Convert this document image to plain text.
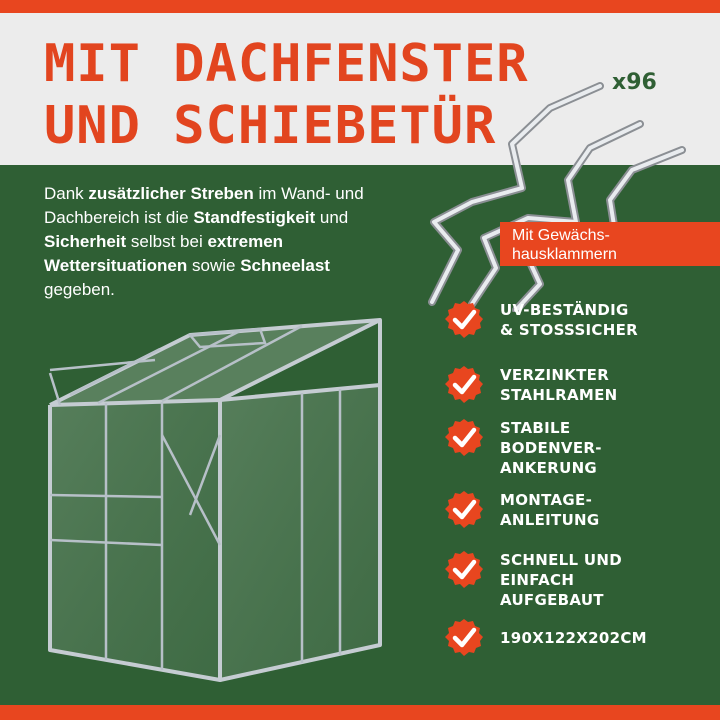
MIT DACHFENSTER
UND SCHIEBETÜR
x96
Mit Gewächs-
hausklammern

Dank zusätzlicher Streben im Wand- und Dachbereich ist die Standfestigkeit und Sicherheit selbst bei extremen Wettersituationen sowie Schneelast gegeben.

UV-BESTÄNDIG
& STOSSSICHER
VERZINKTER
STAHLRAMEN
STABILE
BODENVER-
ANKERUNG
MONTAGE-
ANLEITUNG
SCHNELL UND
EINFACH
AUFGEBAUT
190X122X202CM
